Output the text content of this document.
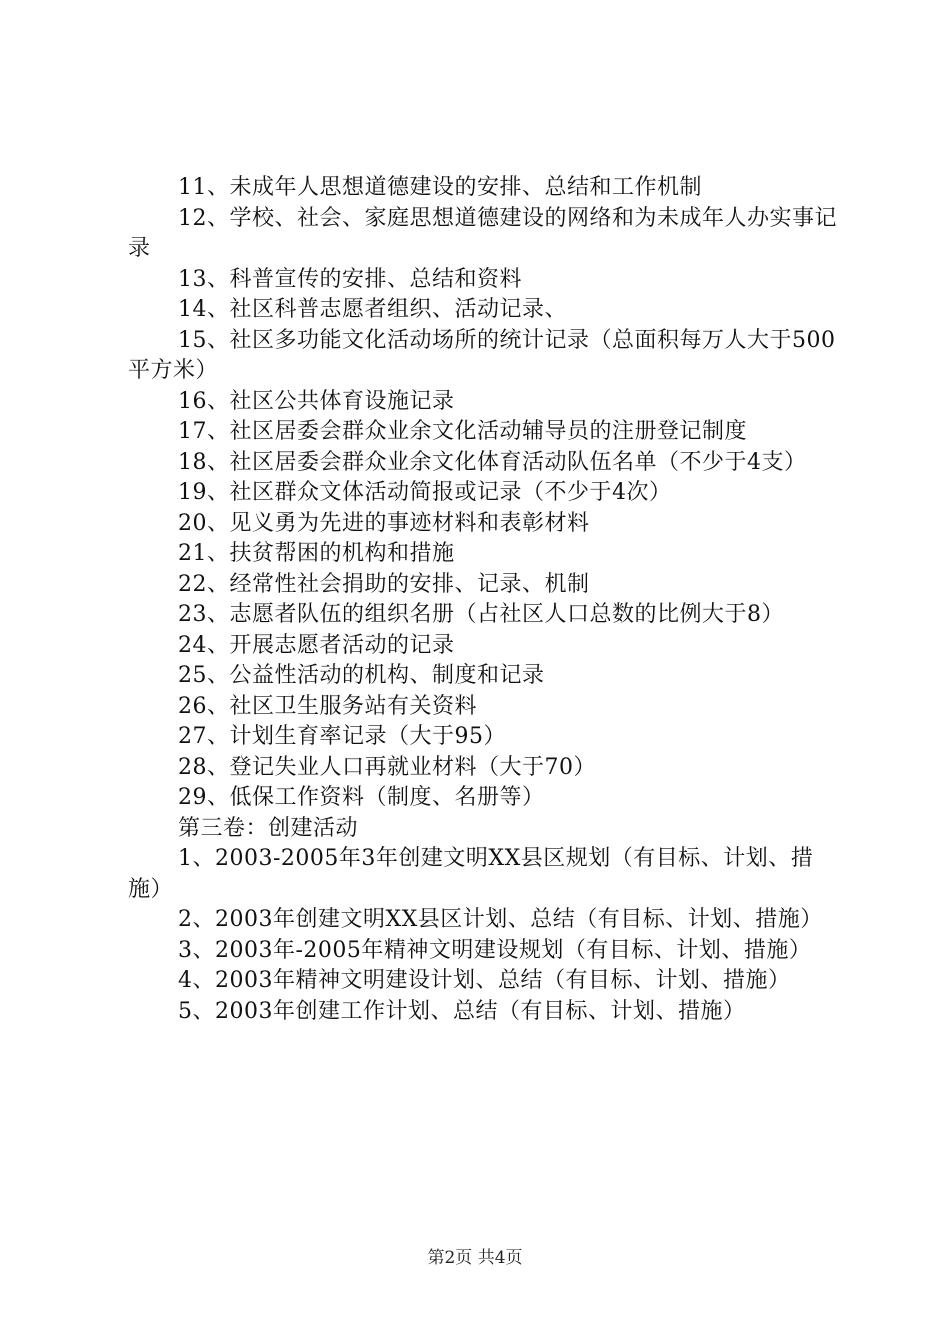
11、未成年人思想道德建设的安排、总结和工作机制

12、学校、社会、家庭思想道德建设的网络和为未成年人办实事记录

13、科普宣传的安排、总结和资料

14、社区科普志愿者组织、活动记录、

15、社区多功能文化活动场所的统计记录（总面积每万人大于500平方米）

16、社区公共体育设施记录

17、社区居委会群众业余文化活动辅导员的注册登记制度

18、社区居委会群众业余文化体育活动队伍名单（不少于4支）

19、社区群众文体活动简报或记录（不少于4次）

20、见义勇为先进的事迹材料和表彰材料

21、扶贫帮困的机构和措施

22、经常性社会捐助的安排、记录、机制

23、志愿者队伍的组织名册（占社区人口总数的比例大于8）

24、开展志愿者活动的记录

25、公益性活动的机构、制度和记录

26、社区卫生服务站有关资料

27、计划生育率记录（大于95）

28、登记失业人口再就业材料（大于70）

29、低保工作资料（制度、名册等）

第三卷：创建活动

1、2003-2005年3年创建文明XX县区规划（有目标、计划、措施）

2、2003年创建文明XX县区计划、总结（有目标、计划、措施）

3、2003年-2005年精神文明建设规划（有目标、计划、措施）

4、2003年精神文明建设计划、总结（有目标、计划、措施）

5、2003年创建工作计划、总结（有目标、计划、措施）

第2页 共4页
